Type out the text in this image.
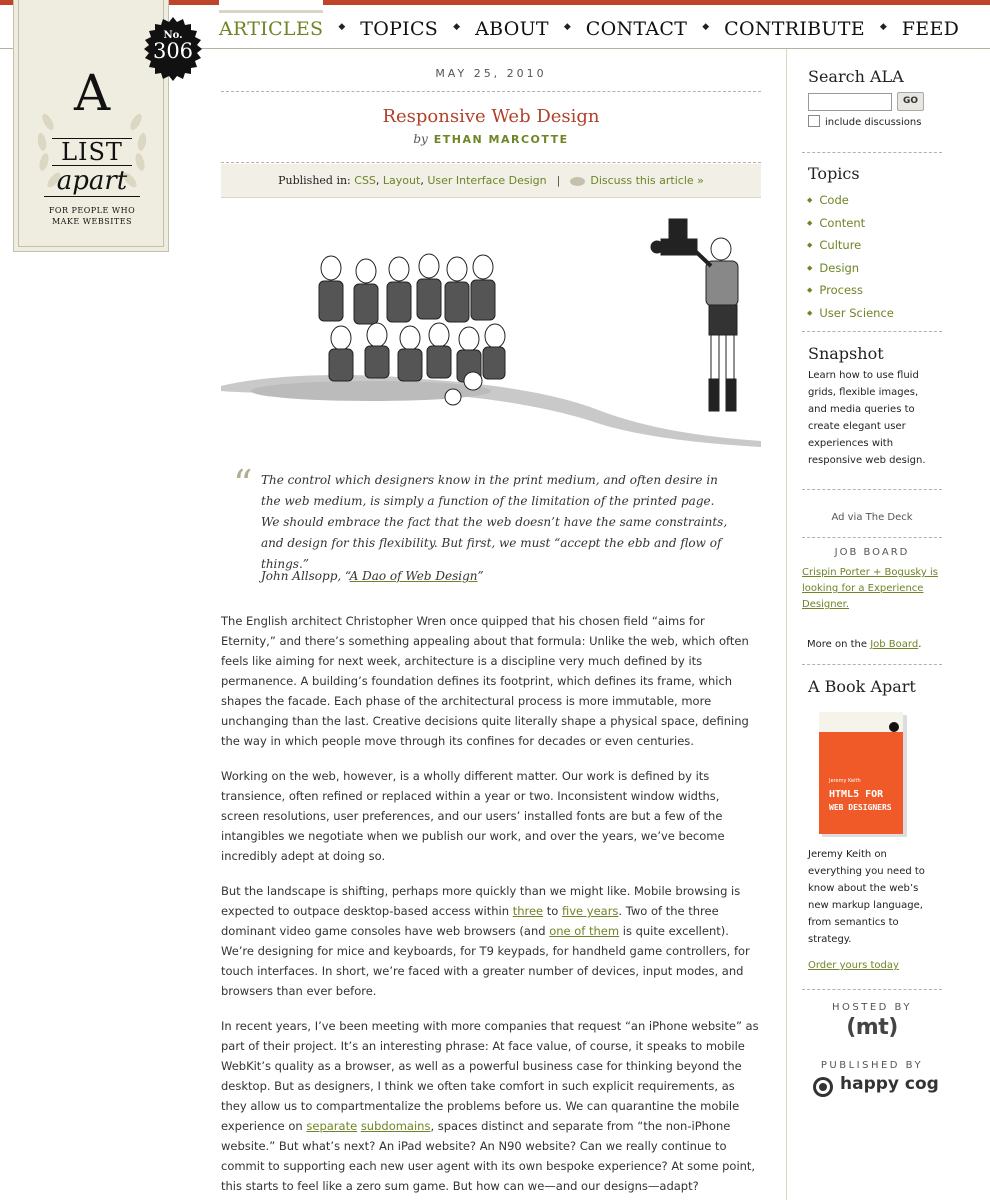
ARTICLES ◆ TOPICS ◆ ABOUT ◆ CONTACT ◆ CONTRIBUTE ◆ FEED
A
LIST
apart
FOR PEOPLE WHO
MAKE WEBSITES
No.
306
MAY 25, 2010
Responsive Web Design
by ETHAN MARCOTTE
Published in:
CSS , Layout , User Interface Design |	Discuss this article »
“ The control which designers know in the print medium, and often desire in the web medium, is simply a function of the limitation of the printed page. We should embrace the fact that the web doesn’t have the same constraints, and design for this flexibility. But first, we must “accept the ebb and flow of things.”
John Allsopp, “A Dao of Web Design”

The English architect Christopher Wren once quipped that his chosen field “aims for Eternity,” and there’s something appealing about that formula: Unlike the web, which often feels like aiming for next week, architecture is a discipline very much defined by its permanence. A building’s foundation defines its footprint, which defines its frame, which shapes the facade. Each phase of the architectural process is more immutable, more unchanging than the last. Creative decisions quite literally shape a physical space, defining the way in which people move through its confines for decades or even centuries.

Working on the web, however, is a wholly different matter. Our work is defined by its transience, often refined or replaced within a year or two. Inconsistent window widths, screen resolutions, user preferences, and our users’ installed fonts are but a few of the intangibles we negotiate when we publish our work, and over the years, we’ve become incredibly adept at doing so.

But the landscape is shifting, perhaps more quickly than we might like. Mobile browsing is expected to outpace desktop-based access within three to five years. Two of the three dominant video game consoles have web browsers (and one of them is quite excellent). We’re designing for mice and keyboards, for T9 keypads, for handheld game controllers, for touch interfaces. In short, we’re faced with a greater number of devices, input modes, and browsers than ever before.

In recent years, I’ve been meeting with more companies that request “an iPhone website” as part of their project. It’s an interesting phrase: At face value, of course, it speaks to mobile WebKit’s quality as a browser, as well as a powerful business case for thinking beyond the desktop. But as designers, I think we often take comfort in such explicit requirements, as they allow us to compartmentalize the problems before us. We can quarantine the mobile experience on separate subdomains, spaces distinct and separate from “the non-iPhone website.” But what’s next? An iPad website? An N90 website? Can we really continue to commit to supporting each new user agent with its own bespoke experience? At some point, this starts to feel like a zero sum game. But how can we—and our designs—adapt?

Search ALA
GO
include discussions
Topics
◆ Code
◆ Content
◆ Culture
◆ Design
◆ Process
◆ User Science
Snapshot
Learn how to use fluid grids, flexible images, and media queries to create elegant user experiences with responsive web design.
Ad via The Deck
JOB BOARD
Crispin Porter + Bogusky is looking for a Experience Designer.
More on the Job Board.
A Book Apart
Jeremy Keith
HTML5 FOR
WEB DESIGNERS
Jeremy Keith on everything you need to know about the web’s new markup language, from semantics to strategy.
Order yours today
HOSTED BY
(mt)
PUBLISHED BY
happy cog
